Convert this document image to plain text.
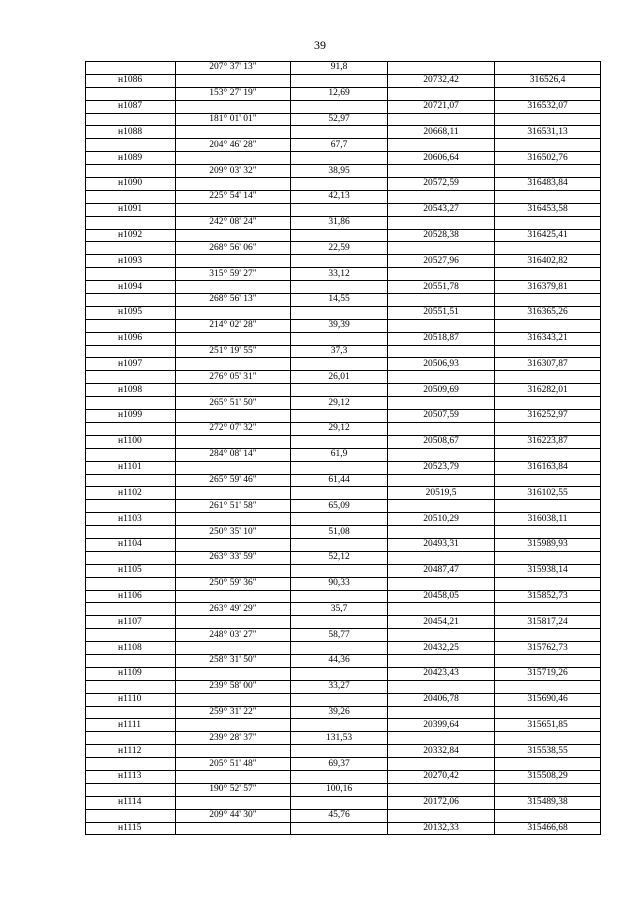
39
	207° 37' 13"	91,8		
н1086			20732,42	316526,4
	153° 27' 19"	12,69		
н1087			20721,07	316532,07
	181° 01' 01"	52,97		
н1088			20668,11	316531,13
	204° 46' 28"	67,7		
н1089			20606,64	316502,76
	209° 03' 32"	38,95		
н1090			20572,59	316483,84
	225° 54' 14"	42,13		
н1091			20543,27	316453,58
	242° 08' 24"	31,86		
н1092			20528,38	316425,41
	268° 56' 06"	22,59		
н1093			20527,96	316402,82
	315° 59' 27"	33,12		
н1094			20551,78	316379,81
	268° 56' 13"	14,55		
н1095			20551,51	316365,26
	214° 02' 28"	39,39		
н1096			20518,87	316343,21
	251° 19' 55"	37,3		
н1097			20506,93	316307,87
	276° 05' 31"	26,01		
н1098			20509,69	316282,01
	265° 51' 50"	29,12		
н1099			20507,59	316252,97
	272° 07' 32"	29,12		
н1100			20508,67	316223,87
	284° 08' 14"	61,9		
н1101			20523,79	316163,84
	265° 59' 46"	61,44		
н1102			20519,5	316102,55
	261° 51' 58"	65,09		
н1103			20510,29	316038,11
	250° 35' 10"	51,08		
н1104			20493,31	315989,93
	263° 33' 59"	52,12		
н1105			20487,47	315938,14
	250° 59' 36"	90,33		
н1106			20458,05	315852,73
	263° 49' 29"	35,7		
н1107			20454,21	315817,24
	248° 03' 27"	58,77		
н1108			20432,25	315762,73
	258° 31' 50"	44,36		
н1109			20423,43	315719,26
	239° 58' 00"	33,27		
н1110			20406,78	315690,46
	259° 31' 22"	39,26		
н1111			20399,64	315651,85
	239° 28' 37"	131,53		
н1112			20332,84	315538,55
	205° 51' 48"	69,37		
н1113			20270,42	315508,29
	190° 52' 57"	100,16		
н1114			20172,06	315489,38
	209° 44' 30"	45,76		
н1115			20132,33	315466,68
